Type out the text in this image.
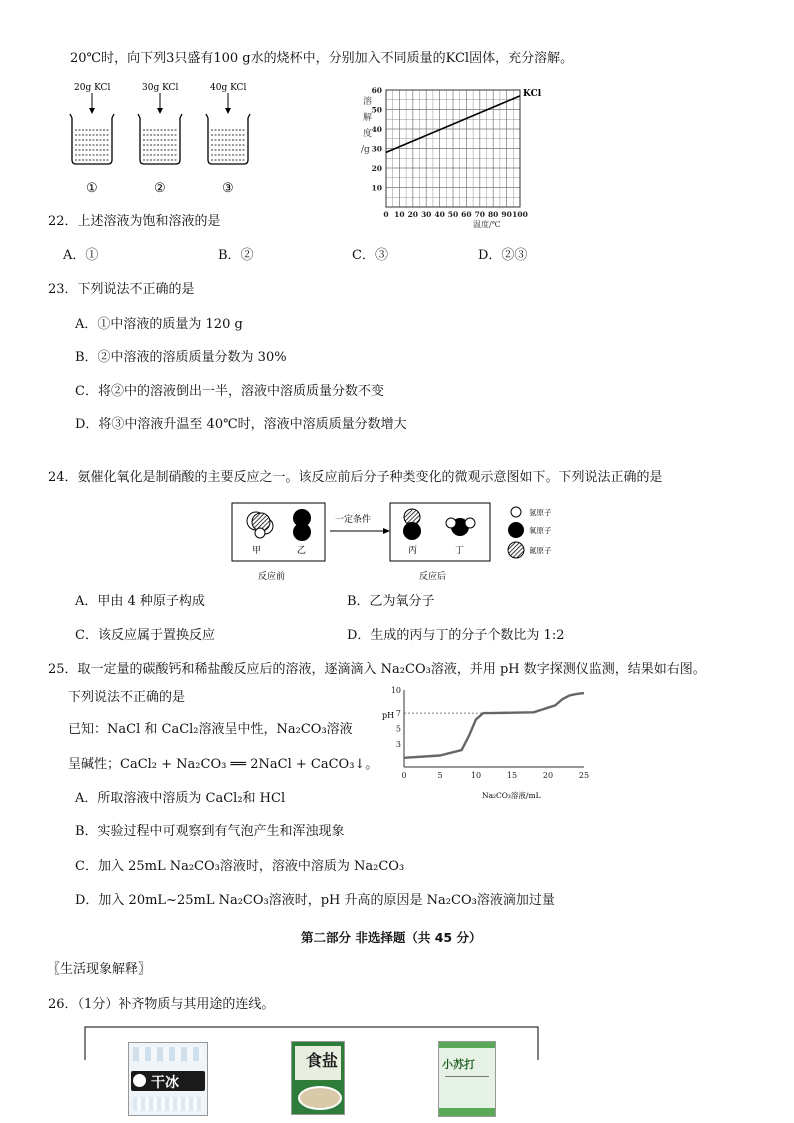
20℃时，向下列3只盛有100 g水的烧杯中，分别加入不同质量的KCl固体，充分溶解。
20g KCl
①
30g KCl
②
40g KCl
③
溶
解
度
/g
60
50
40
30
20
10
0 10 20 30 40 50 60 70 80 90 100
KCl
温度/℃
22．上述溶液为饱和溶液的是
A．①	B．②	C．③	D．②③
23．下列说法不正确的是
A．①中溶液的质量为 120 g
B．②中溶液的溶质质量分数为 30%
C．将②中的溶液倒出一半，溶液中溶质质量分数不变
D．将③中溶液升温至 40℃时，溶液中溶质质量分数增大
24．氨催化氧化是制硝酸的主要反应之一。该反应前后分子种类变化的微观示意图如下。下列说法正确的是
甲	乙
一定条件
丙	丁
反应前	反应后
氢原子
氧原子
氮原子
A．甲由 4 种原子构成	B．乙为氧分子
C．该反应属于置换反应	D．生成的丙与丁的分子个数比为 1:2
25．取一定量的碳酸钙和稀盐酸反应后的溶液，逐滴滴入 Na₂CO₃溶液，并用 pH 数字探测仪监测，结果如右图。
下列说法不正确的是
已知：NaCl 和 CaCl₂溶液呈中性，Na₂CO₃溶液
呈碱性；CaCl₂ + Na₂CO₃ ══ 2NaCl + CaCO₃↓。
10
7
5
3
0	5	10	15	20	25
pH
Na₂CO₃溶液/mL
A．所取溶液中溶质为 CaCl₂和 HCl
B．实验过程中可观察到有气泡产生和浑浊现象
C．加入 25mL Na₂CO₃溶液时，溶液中溶质为 Na₂CO₃
D．加入 20mL~25mL Na₂CO₃溶液时，pH 升高的原因是 Na₂CO₃溶液滴加过量
第二部分 非选择题（共 45 分）
〖生活现象解释〗
26．（1分）补齐物质与其用途的连线。
干冰
食盐	小苏打
